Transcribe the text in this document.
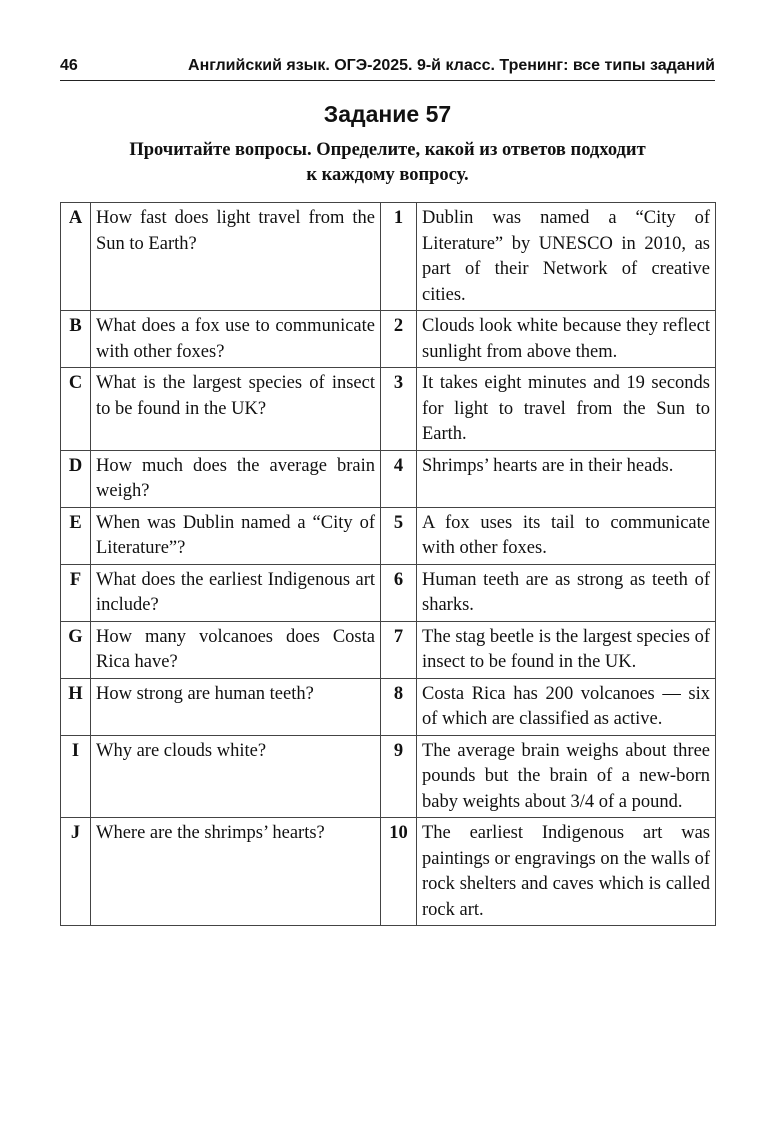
46	Английский язык. ОГЭ-2025. 9-й класс. Тренинг: все типы заданий
Задание 57
Прочитайте вопросы. Определите, какой из ответов подходит
к каждому вопросу.
A	How fast does light travel from the Sun to Earth?	1	Dublin was named a “City of Literature” by UNESCO in 2010, as part of their Network of creative cities.
B	What does a fox use to communicate with other foxes?	2	Clouds look white because they reflect sunlight from above them.
C	What is the largest species of insect to be found in the UK?	3	It takes eight minutes and 19 seconds for light to travel from the Sun to Earth.
D	How much does the average brain weigh?	4	Shrimps’ hearts are in their heads.
E	When was Dublin named a “City of Literature”?	5	A fox uses its tail to communicate with other foxes.
F	What does the earliest Indigenous art include?	6	Human teeth are as strong as teeth of sharks.
G	How many volcanoes does Costa Rica have?	7	The stag beetle is the largest species of insect to be found in the UK.
H	How strong are human teeth?	8	Costa Rica has 200 volcanoes — six of which are classified as active.
I	Why are clouds white?	9	The average brain weighs about three pounds but the brain of a new-born baby weights about 3/4 of a pound.
J	Where are the shrimps’ hearts?	10	The earliest Indigenous art was paintings or engravings on the walls of rock shelters and caves which is called rock art.
